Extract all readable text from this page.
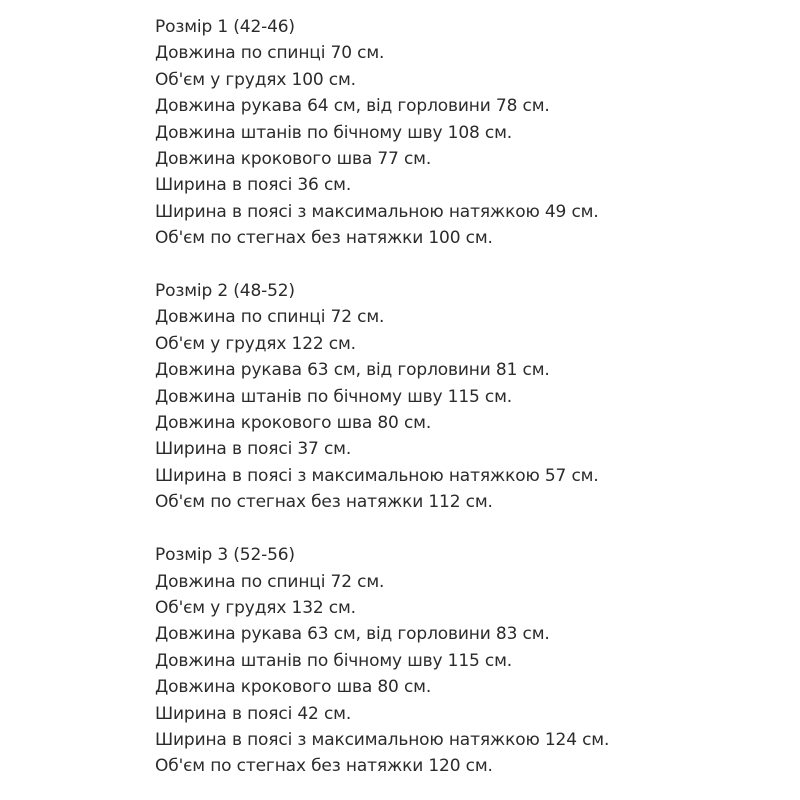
Розмір 1 (42-46)
Довжина по спинці 70 см.
Об'єм у грудях 100 см.
Довжина рукава 64 см, від горловини 78 см.
Довжина штанів по бічному шву 108 см.
Довжина крокового шва 77 см.
Ширина в поясі 36 см.
Ширина в поясі з максимальною натяжкою 49 см.
Об'єм по стегнах без натяжки 100 см.
Розмір 2 (48-52)
Довжина по спинці 72 см.
Об'єм у грудях 122 см.
Довжина рукава 63 см, від горловини 81 см.
Довжина штанів по бічному шву 115 см.
Довжина крокового шва 80 см.
Ширина в поясі 37 см.
Ширина в поясі з максимальною натяжкою 57 см.
Об'єм по стегнах без натяжки 112 см.
Розмір 3 (52-56)
Довжина по спинці 72 см.
Об'єм у грудях 132 см.
Довжина рукава 63 см, від горловини 83 см.
Довжина штанів по бічному шву 115 см.
Довжина крокового шва 80 см.
Ширина в поясі 42 см.
Ширина в поясі з максимальною натяжкою 124 см.
Об'єм по стегнах без натяжки 120 см.
